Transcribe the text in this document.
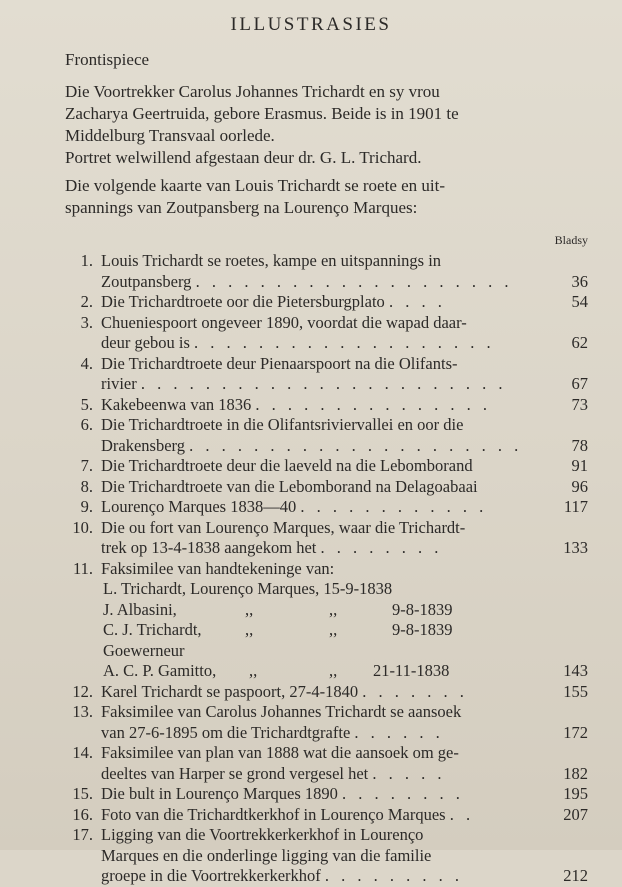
ILLUSTRASIES
Frontispiece
Die Voortrekker Carolus Johannes Trichardt en sy vrou
Zacharya Geertruida, gebore Erasmus. Beide is in 1901 te
Middelburg Transvaal oorlede.
Portret welwillend afgestaan deur dr. G. L. Trichard.
Die volgende kaarte van Louis Trichardt se roete en uit-
spannings van Zoutpansberg na Lourenço Marques:
Bladsy
1. Louis Trichardt se roetes, kampe en uitspannings in
Zoutpansberg . . . . . . . . . . . . . . . . . . . .	36
2. Die Trichardtroete oor die Pietersburgplato . . . .	54
3. Chueniespoort ongeveer 1890, voordat die wapad daar-
deur gebou is . . . . . . . . . . . . . . . . . . .	62
4. Die Trichardtroete deur Pienaarspoort na die Olifants-
rivier . . . . . . . . . . . . . . . . . . . . . . .	67
5. Kakebeenwa van 1836 . . . . . . . . . . . . . . .	73
6. Die Trichardtroete in die Olifantsriviervallei en oor die
Drakensberg . . . . . . . . . . . . . . . . . . . . .	78
7. Die Trichardtroete deur die laeveld na die Lebomborand	91
8. Die Trichardtroete van die Lebomborand na Delagoabaai	96
9. Lourenço Marques 1838—40 . . . . . . . . . . . .	117
10. Die ou fort van Lourenço Marques, waar die Trichardt-
trek op 13-4-1838 aangekom het . . . . . . . .	133
11. Faksimilee van handtekeninge van:
L. Trichardt, Lourenço Marques, 15-9-1838
J. Albasini,	,,	,,	9-8-1839
C. J. Trichardt,	,,	,,	9-8-1839
Goewerneur
A. C. P. Gamitto, ,,	,, 21-11-1838	143
12. Karel Trichardt se paspoort, 27-4-1840 . . . . . . .	155
13. Faksimilee van Carolus Johannes Trichardt se aansoek
van 27-6-1895 om die Trichardtgrafte . . . . . .	172
14. Faksimilee van plan van 1888 wat die aansoek om ge-
deeltes van Harper se grond vergesel het . . . . .	182
15. Die bult in Lourenço Marques 1890 . . . . . . . .	195
16. Foto van die Trichardtkerkhof in Lourenço Marques . .	207
17. Ligging van die Voortrekkerkerkhof in Lourenço
Marques en die onderlinge ligging van die familie
groepe in die Voortrekkerkerkhof . . . . . . . . .	212
